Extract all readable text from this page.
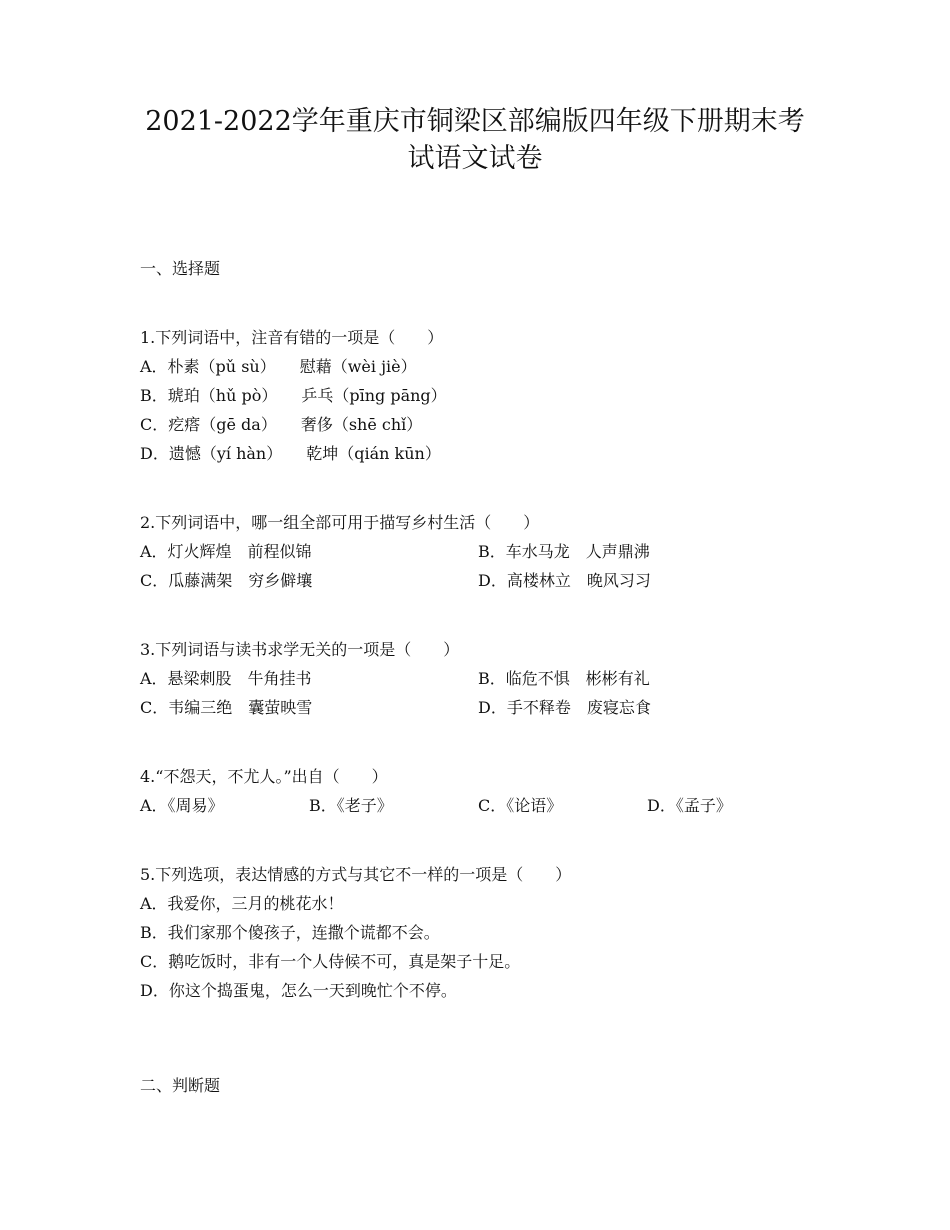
2021-2022学年重庆市铜梁区部编版四年级下册期末考
试语文试卷
一、选择题
1.下列词语中，注音有错的一项是（　　）
A．朴素（pǔ sù）　　慰藉（wèi jiè）
B．琥珀（hǔ pò）　　乒乓（pīng pāng）
C．疙瘩（gē da）　　奢侈（shē chǐ）
D．遗憾（yí hàn）　　乾坤（qián kūn）
2.下列词语中，哪一组全部可用于描写乡村生活（　　）
A．灯火辉煌　前程似锦	B．车水马龙　人声鼎沸
C．瓜藤满架　穷乡僻壤	D．高楼林立　晚风习习
3.下列词语与读书求学无关的一项是（　　）
A．悬梁刺股　牛角挂书	B．临危不惧　彬彬有礼
C．韦编三绝　囊萤映雪	D．手不释卷　废寝忘食
4.“不怨天，不尤人。”出自（　　）
A．《周易》	B．《老子》	C．《论语》	D．《孟子》
5.下列选项，表达情感的方式与其它不一样的一项是（　　）
A．我爱你，三月的桃花水！
B．我们家那个傻孩子，连撒个谎都不会。
C．鹅吃饭时，非有一个人侍候不可，真是架子十足。
D．你这个捣蛋鬼，怎么一天到晚忙个不停。
二、判断题
